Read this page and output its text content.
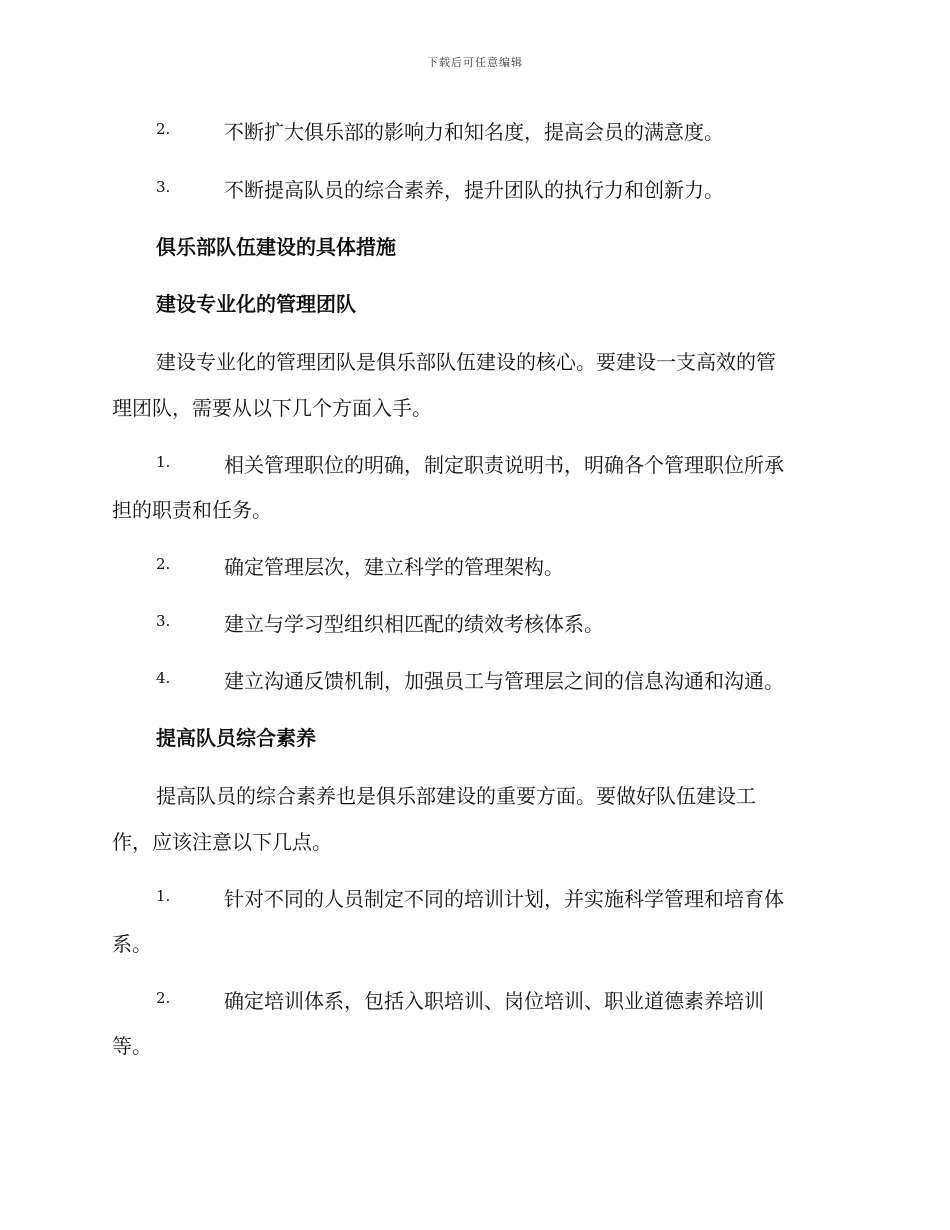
下载后可任意编辑
2.	不断扩大俱乐部的影响力和知名度，提高会员的满意度。
3.	不断提高队员的综合素养，提升团队的执行力和创新力。
俱乐部队伍建设的具体措施
建设专业化的管理团队
建设专业化的管理团队是俱乐部队伍建设的核心。要建设一支高效的管
理团队，需要从以下几个方面入手。
1.	相关管理职位的明确，制定职责说明书，明确各个管理职位所承
担的职责和任务。
2.	确定管理层次，建立科学的管理架构。
3.	建立与学习型组织相匹配的绩效考核体系。
4.	建立沟通反馈机制，加强员工与管理层之间的信息沟通和沟通。
提高队员综合素养
提高队员的综合素养也是俱乐部建设的重要方面。要做好队伍建设工
作，应该注意以下几点。
1.	针对不同的人员制定不同的培训计划，并实施科学管理和培育体
系。
2.	确定培训体系，包括入职培训、岗位培训、职业道德素养培训
等。
